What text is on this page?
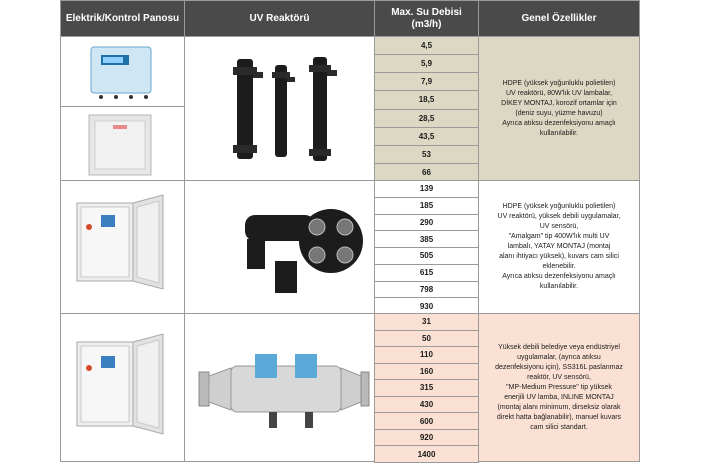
Elektrik/Kontrol Panosu	UV Reaktörü
Max. Su Debisi
(m3/h)
Genel Özellikler
4,5
5,9
7,9
18,5
28,5
43,5
53
66
HDPE (yüksek yoğunluklu polietilen)
UV reaktörü, 80W'lık UV lambalar,
DİKEY MONTAJ, korozif ortamlar için
(deniz suyu, yüzme havuzu)
Ayrıca atıksu dezenfeksiyonu amaçlı
kullanılabilir.
139
185
290
385
505
615
798
930
HDPE (yüksek yoğunluklu polietilen)
UV reaktörü, yüksek debili uygulamalar,
UV sensörü,
"Amalgam" tip 400W'lık multi UV
lambalı, YATAY MONTAJ (montaj
alanı ihtiyacı yüksek), kuvars cam silici
eklenebilir.
Ayrıca atıksu dezenfeksiyonu amaçlı
kullanılabilir.
31
50
110
160
315
430
600
920
1400
Yüksek debili belediye veya endüstriyel
uygulamalar, (ayrıca atıksu
dezenfeksiyonu için), SS316L paslanmaz
reaktör, UV sensörü,
"MP-Medium Pressure" tip yüksek
enerjili UV lamba, INLINE MONTAJ
(montaj alanı minimum, dirseksiz olarak
direkt hatta bağlanabilir), manuel kuvars
cam silici standart.
